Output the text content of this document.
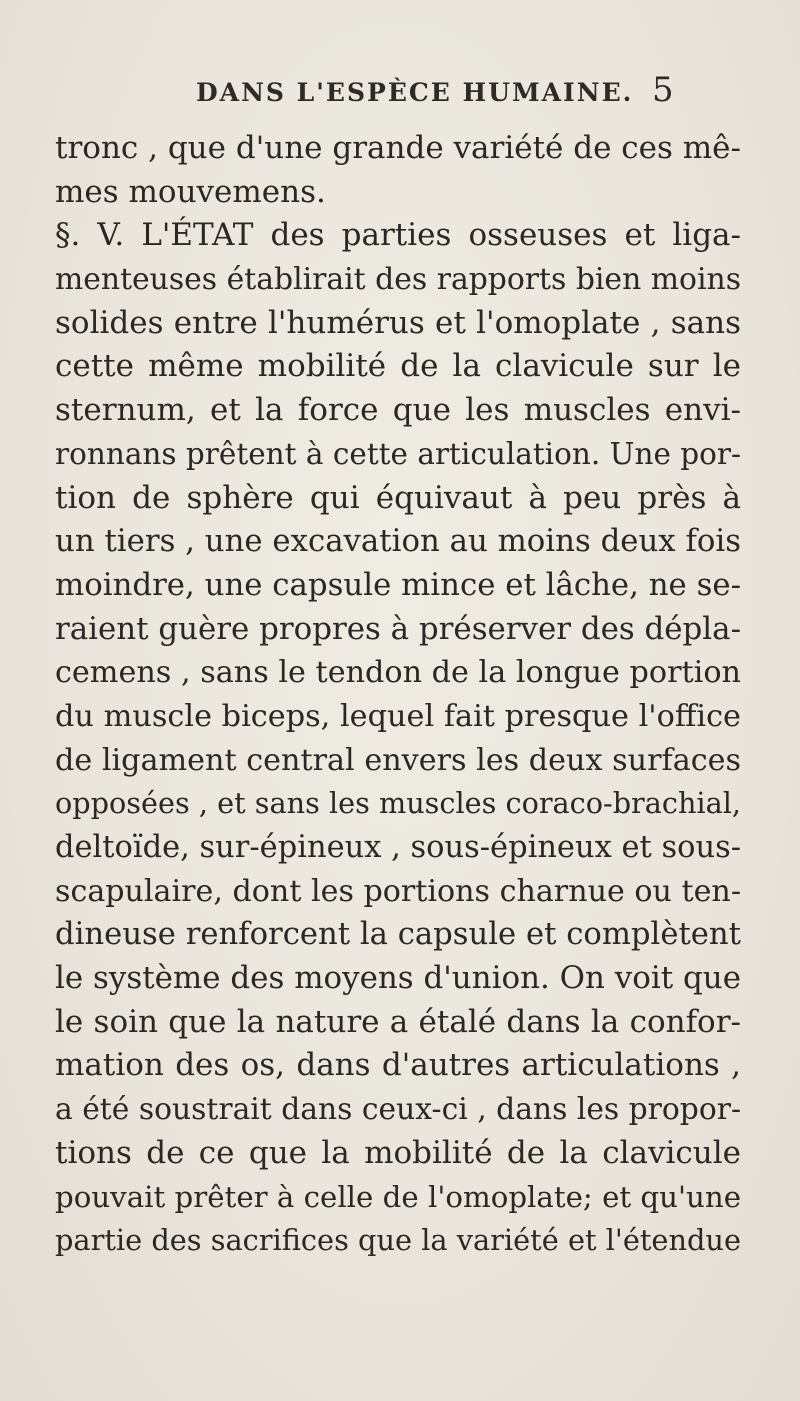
DANS L'ESPÈCE HUMAINE. 5
tronc , que d'une grande variété de ces mê-
mes mouvemens.
§. V. L'ÉTAT des parties osseuses et liga-
menteuses établirait des rapports bien moins
solides entre l'humérus et l'omoplate , sans
cette même mobilité de la clavicule sur le
sternum, et la force que les muscles envi-
ronnans prêtent à cette articulation. Une por-
tion de sphère qui équivaut à peu près à
un tiers , une excavation au moins deux fois
moindre, une capsule mince et lâche, ne se-
raient guère propres à préserver des dépla-
cemens , sans le tendon de la longue portion
du muscle biceps, lequel fait presque l'office
de ligament central envers les deux surfaces
opposées , et sans les muscles coraco-brachial,
deltoïde, sur-épineux , sous-épineux et sous-
scapulaire, dont les portions charnue ou ten-
dineuse renforcent la capsule et complètent
le système des moyens d'union. On voit que
le soin que la nature a étalé dans la confor-
mation des os, dans d'autres articulations ,
a été soustrait dans ceux-ci , dans les propor-
tions de ce que la mobilité de la clavicule
pouvait prêter à celle de l'omoplate; et qu'une
partie des sacrifices que la variété et l'étendue
